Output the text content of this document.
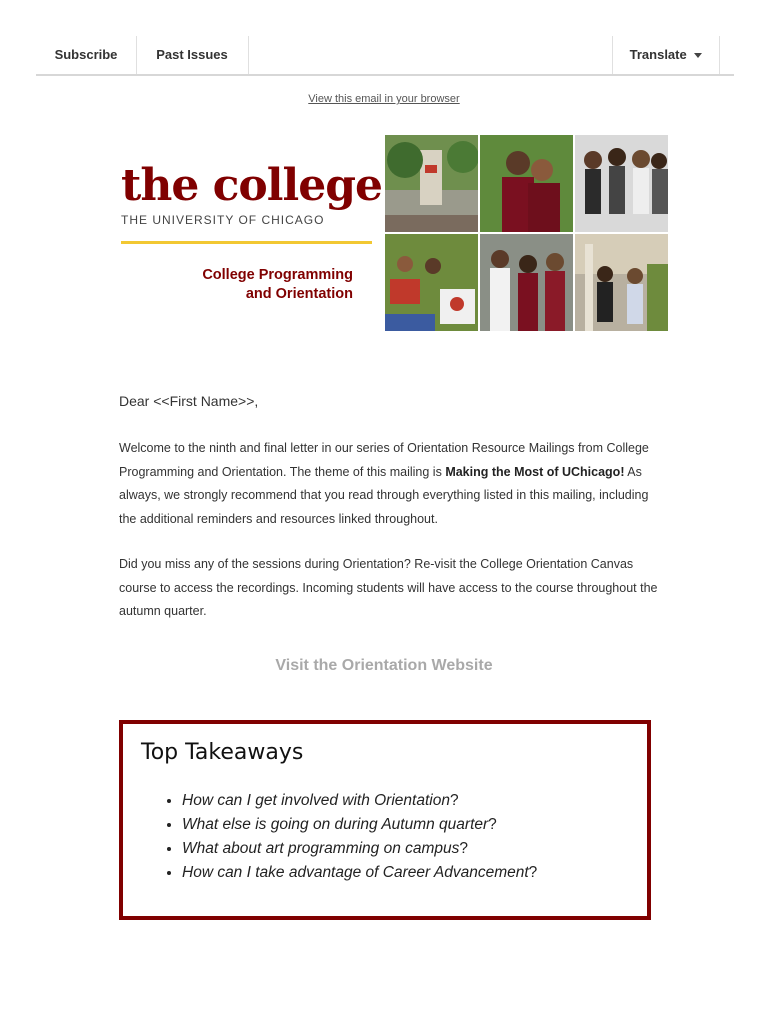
Subscribe	Past Issues	Translate
View this email in your browser
the college
THE UNIVERSITY OF CHICAGO
College Programming
and Orientation
Dear <<First Name>>,
Welcome to the ninth and final letter in our series of Orientation Resource Mailings from College Programming and Orientation. The theme of this mailing is Making the Most of UChicago! As always, we strongly recommend that you read through everything listed in this mailing, including the additional reminders and resources linked throughout.
Did you miss any of the sessions during Orientation? Re-visit the College Orientation Canvas course to access the recordings. Incoming students will have access to the course throughout the autumn quarter.
Visit the Orientation Website
Top Takeaways
• How can I get involved with Orientation?
• What else is going on during Autumn quarter?
• What about art programming on campus?
• How can I take advantage of Career Advancement?
